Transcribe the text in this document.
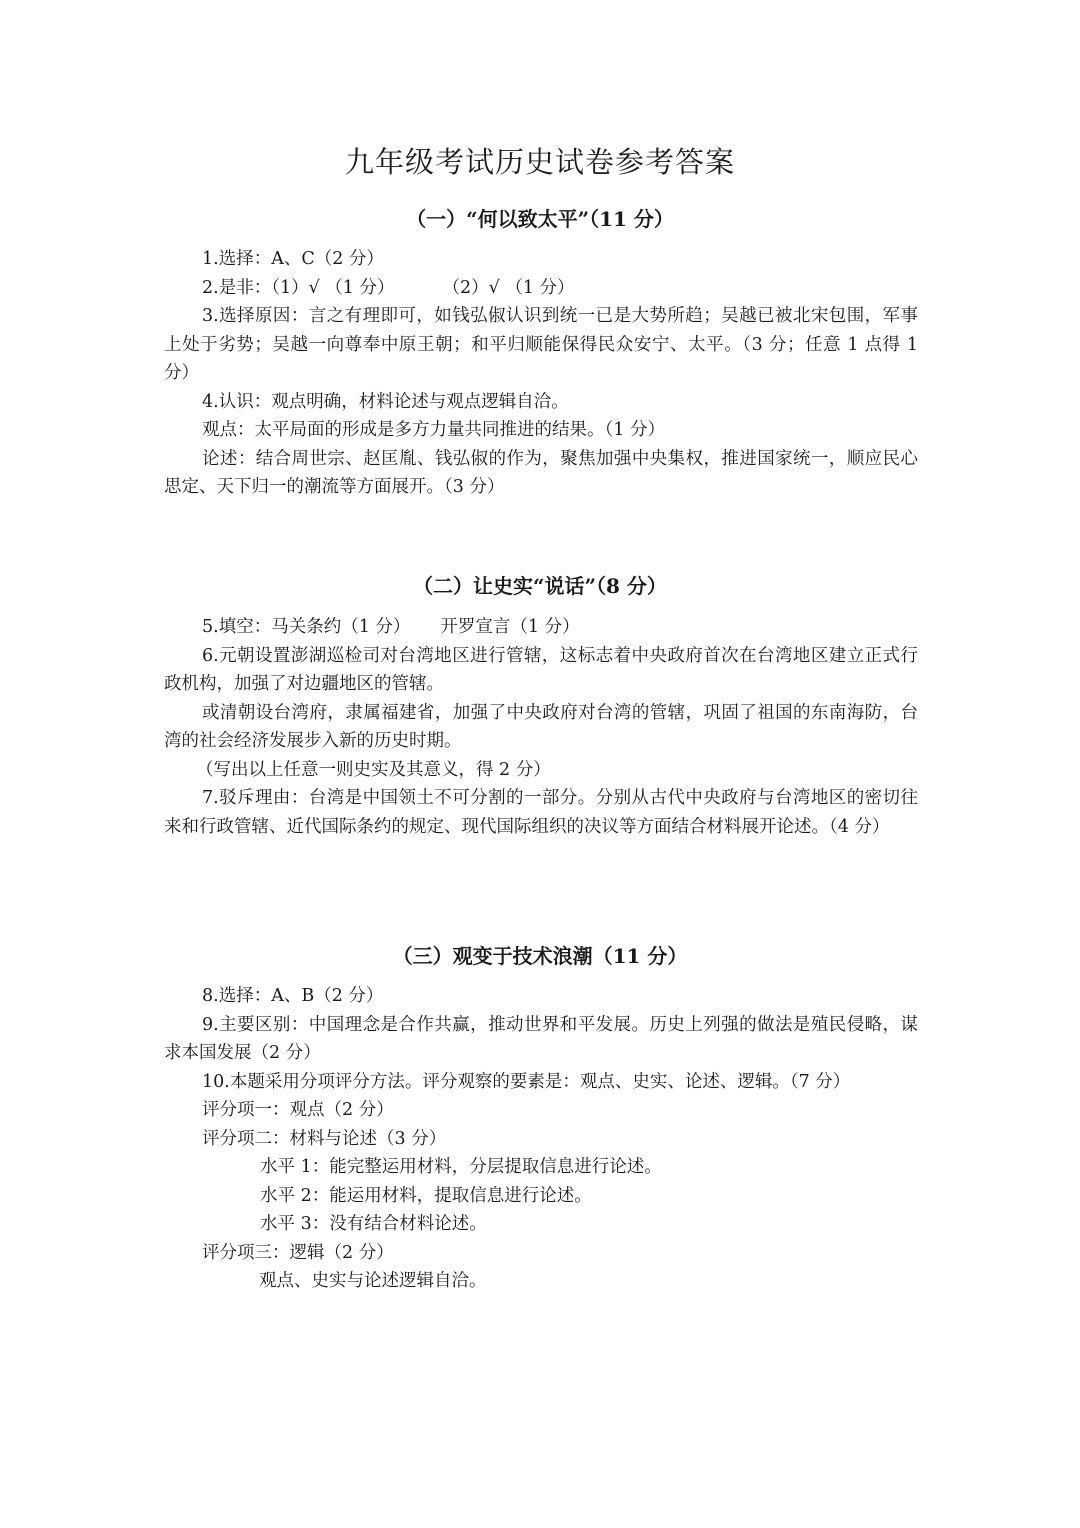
九年级考试历史试卷参考答案
（一）“何以致太平”（11 分）
1.选择：A、C（2 分）
2.是非：（1）√ （1 分）	（2）√ （1 分）
3.选择原因：言之有理即可，如钱弘俶认识到统一已是大势所趋；吴越已被北宋包围，军事上处于劣势；吴越一向尊奉中原王朝；和平归顺能保得民众安宁、太平。（3 分；任意 1 点得 1 分）
4.认识：观点明确，材料论述与观点逻辑自洽。
观点：太平局面的形成是多方力量共同推进的结果。（1 分）
论述：结合周世宗、赵匡胤、钱弘俶的作为，聚焦加强中央集权，推进国家统一，顺应民心思定、天下归一的潮流等方面展开。（3 分）
（二）让史实“说话”（8 分）
5.填空：马关条约（1 分） 开罗宣言（1 分）
6.元朝设置澎湖巡检司对台湾地区进行管辖，这标志着中央政府首次在台湾地区建立正式行政机构，加强了对边疆地区的管辖。
或清朝设台湾府，隶属福建省，加强了中央政府对台湾的管辖，巩固了祖国的东南海防，台湾的社会经济发展步入新的历史时期。
（写出以上任意一则史实及其意义，得 2 分）
7.驳斥理由：台湾是中国领土不可分割的一部分。分别从古代中央政府与台湾地区的密切往来和行政管辖、近代国际条约的规定、现代国际组织的决议等方面结合材料展开论述。（4 分）
（三）观变于技术浪潮（11 分）
8.选择：A、B（2 分）
9.主要区别：中国理念是合作共赢，推动世界和平发展。历史上列强的做法是殖民侵略，谋求本国发展（2 分）
10.本题采用分项评分方法。评分观察的要素是：观点、史实、论述、逻辑。（7 分）
评分项一：观点（2 分）
评分项二：材料与论述（3 分）
水平 1：能完整运用材料，分层提取信息进行论述。
水平 2：能运用材料，提取信息进行论述。
水平 3：没有结合材料论述。
评分项三：逻辑（2 分）
观点、史实与论述逻辑自洽。
